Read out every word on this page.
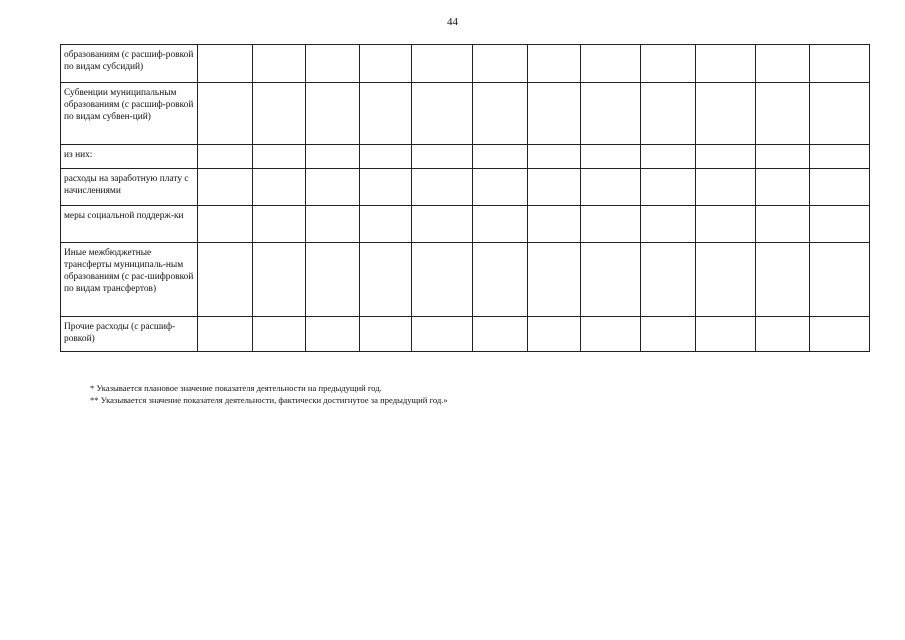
44
образованиям (с расшиф-ровкой по видам субсидий)												
Субвенции муниципальным образованиям (с расшиф-ровкой по видам субвен-ций)												
из них:												
расходы на заработную плату с начислениями												
меры социальной поддерж-ки												
Иные межбюджетные трансферты муниципаль-ным образованиям (с рас-шифровкой по видам трансфертов)												
Прочие расходы (с расшиф-ровкой)												
* Указывается плановое значение показателя деятельности на предыдущий год.
** Указывается значение показателя деятельности, фактически достигнутое за предыдущий год.»
